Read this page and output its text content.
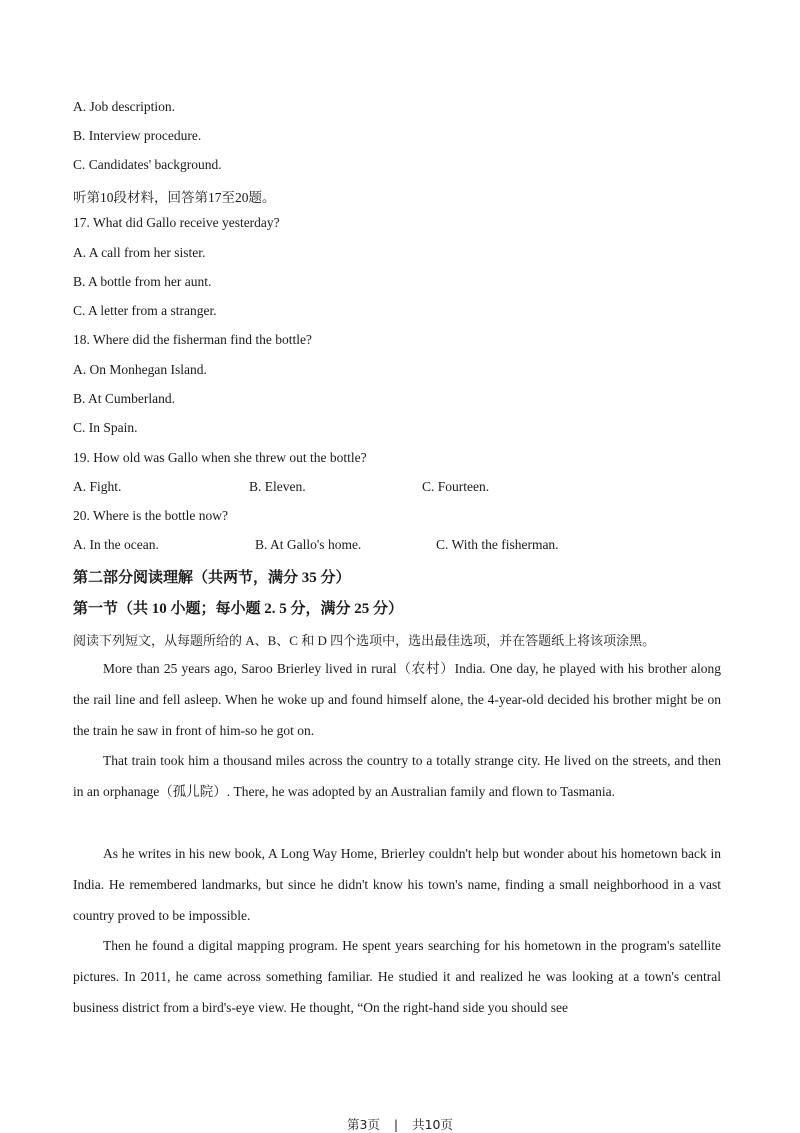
A. Job description.
B. Interview procedure.
C. Candidates' background.
听第10段材料，回答第17至20题。
17. What did Gallo receive yesterday?
A. A call from her sister.
B. A bottle from her aunt.
C. A letter from a stranger.
18. Where did the fisherman find the bottle?
A. On Monhegan Island.
B. At Cumberland.
C. In Spain.
19. How old was Gallo when she threw out the bottle?
A. Fight.	B. Eleven.	C. Fourteen.
20. Where is the bottle now?
A. In the ocean.	B. At Gallo's home.	C. With the fisherman.
第二部分阅读理解（共两节，满分 35 分）
第一节（共 10 小题；每小题 2. 5 分，满分 25 分）
阅读下列短文，从每题所给的 A、B、C 和 D 四个选项中，选出最佳选项，并在答题纸上将该项涂黑。
More than 25 years ago, Saroo Brierley lived in rural（农村）India. One day, he played with his brother along the rail line and fell asleep. When he woke up and found himself alone, the 4-year-old decided his brother might be on the train he saw in front of him-so he got on.
That train took him a thousand miles across the country to a totally strange city. He lived on the streets, and then in an orphanage（孤儿院）. There, he was adopted by an Australian family and flown to Tasmania.
As he writes in his new book, A Long Way Home, Brierley couldn't help but wonder about his hometown back in India. He remembered landmarks, but since he didn't know his town's name, finding a small neighborhood in a vast country proved to be impossible.
Then he found a digital mapping program. He spent years searching for his hometown in the program's satellite pictures. In 2011, he came across something familiar. He studied it and realized he was looking at a town's central business district from a bird's-eye view. He thought, “On the right-hand side you should see
第3页 | 共10页
